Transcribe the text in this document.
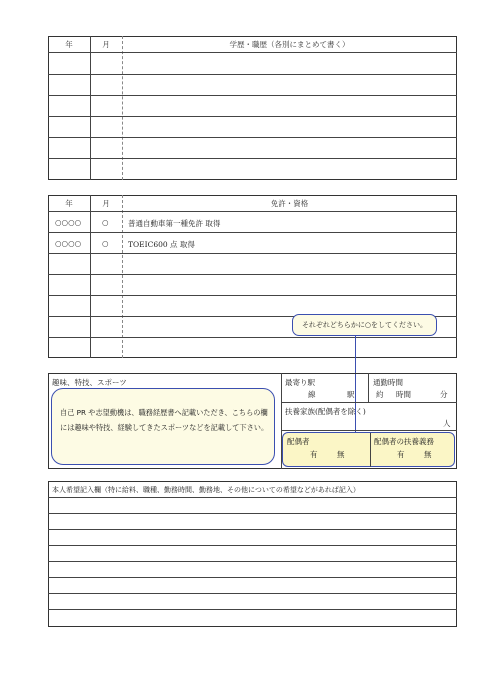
年	月	学歴・職歴（各別にまとめて書く）
年	月	免許・資格
○○○○	○	普通自動車第一種免許 取得
○○○○	○	TOEIC600 点 取得
それぞれどちらかに○をしてください。
趣味、特技、スポーツ
自己 PR や志望動機は、職務経歴書へ記載いただき、こちらの欄には趣味や特技、経験してきたスポーツなどを記載して下さい。
最寄り駅
線	駅
通勤時間
約 時間	分
扶養家族(配偶者を除く)
人
配偶者
有	無
配偶者の扶養義務
有	無
本人希望記入欄（特に給料、職種、勤務時間、勤務地、その他についての希望などがあれば記入）
